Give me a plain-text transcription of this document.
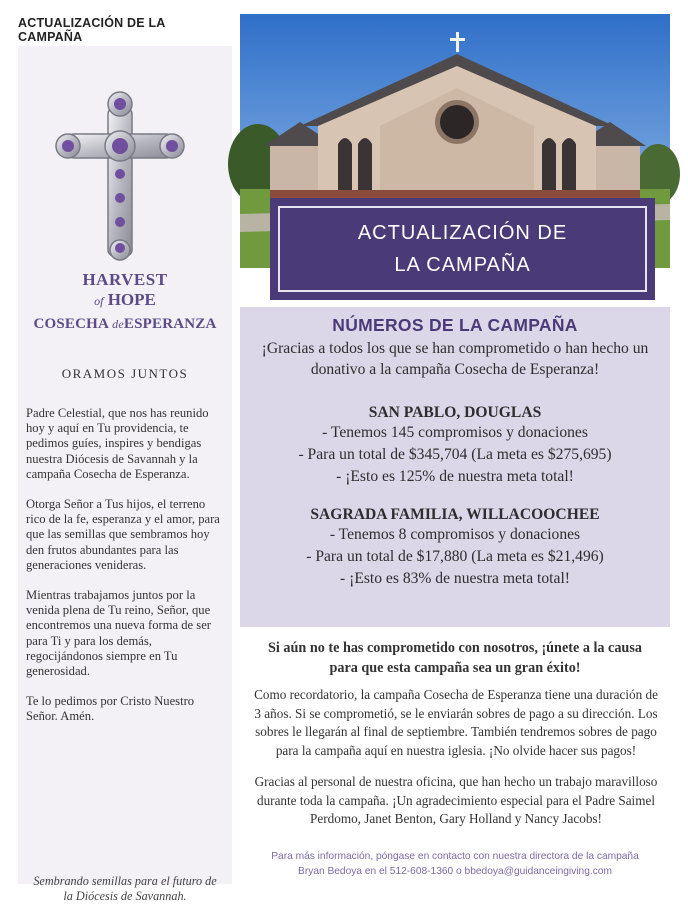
ACTUALIZACIÓN DE LA CAMPAÑA
HARVEST
of HOPE
COSECHA deESPERANZA
ORAMOS JUNTOS

Padre Celestial, que nos has reunido hoy y aquí en Tu providencia, te pedimos guíes, inspires y bendigas nuestra Diócesis de Savannah y la campaña Cosecha de Esperanza.

Otorga Señor a Tus hijos, el terreno rico de la fe, esperanza y el amor, para que las semillas que sembramos hoy den frutos abundantes para las generaciones venideras.

Mientras trabajamos juntos por la venida plena de Tu reino, Señor, que encontremos una nueva forma de ser para Ti y para los demás, regocijándonos siempre en Tu generosidad.

Te lo pedimos por Cristo Nuestro Señor. Amén.

Sembrando semillas para el futuro de
la Diócesis de Savannah.
ACTUALIZACIÓN DE
LA CAMPAÑA
NÚMEROS DE LA CAMPAÑA
¡Gracias a todos los que se han comprometido o han hecho un
donativo a la campaña Cosecha de Esperanza!
SAN PABLO, DOUGLAS
- Tenemos 145 compromisos y donaciones
- Para un total de $345,704 (La meta es $275,695)
- ¡Esto es 125% de nuestra meta total!
SAGRADA FAMILIA, WILLACOOCHEE
- Tenemos 8 compromisos y donaciones
- Para un total de $17,880 (La meta es $21,496)
- ¡Esto es 83% de nuestra meta total!
Si aún no te has comprometido con nosotros, ¡únete a la causa
para que esta campaña sea un gran éxito!
Como recordatorio, la campaña Cosecha de Esperanza tiene una duración de
3 años. Si se comprometió, se le enviarán sobres de pago a su dirección. Los
sobres le llegarán al final de septiembre. También tendremos sobres de pago
para la campaña aquí en nuestra iglesia. ¡No olvide hacer sus pagos!
Gracias al personal de nuestra oficina, que han hecho un trabajo maravilloso
durante toda la campaña. ¡Un agradecimiento especial para el Padre Saimel
Perdomo, Janet Benton, Gary Holland y Nancy Jacobs!
Para más información, póngase en contacto con nuestra directora de la campaña
Bryan Bedoya en el 512-608-1360 o bbedoya@guidanceingiving.com
